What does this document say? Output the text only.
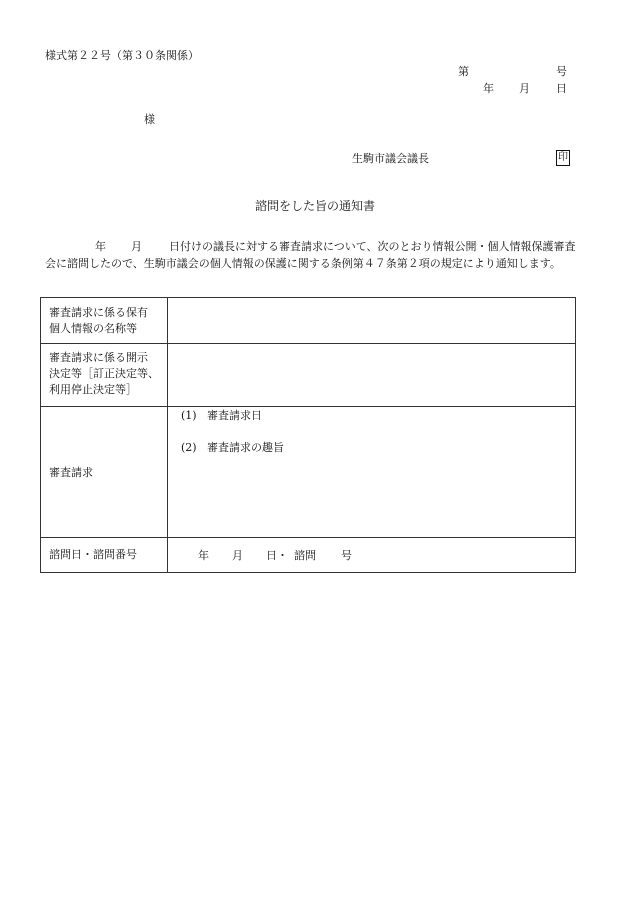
様式第２２号（第３０条関係）
第	号
年 月 日
様
生駒市議会議長	印
諮問をした旨の通知書
年 月 日付けの議長に対する審査請求について、次のとおり情報公開・個人情報保護審査会に諮問したので、生駒市議会の個人情報の保護に関する条例第４７条第２項の規定により通知します。
審査請求に係る保有
個人情報の名称等
審査請求に係る開示
決定等［訂正決定等、
利用停止決定等］
審査請求
諮問日・諮問番号
(1) 審査請求日
(2) 審査請求の趣旨
年 月 日・ 諮問 号
